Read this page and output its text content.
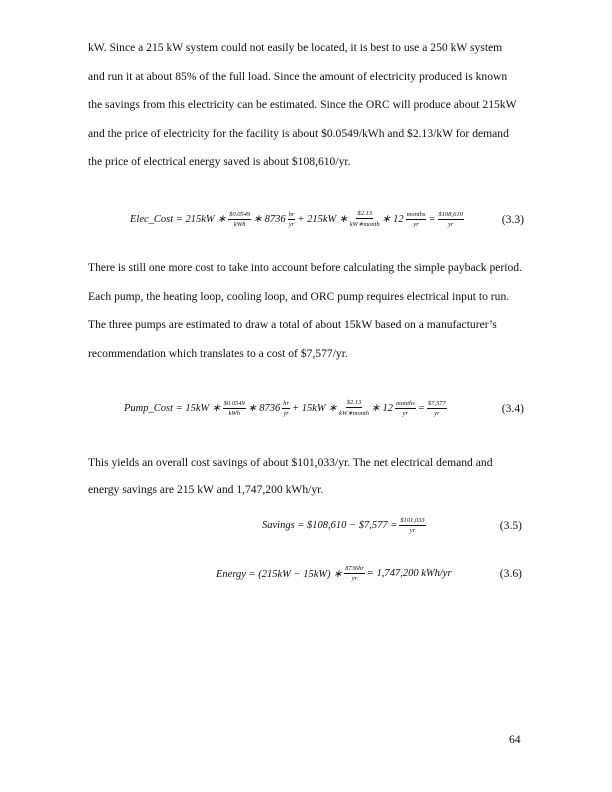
kW. Since a 215 kW system could not easily be located, it is best to use a 250 kW system
and run it at about 85% of the full load. Since the amount of electricity produced is known
the savings from this electricity can be estimated. Since the ORC will produce about 215kW
and the price of electricity for the facility is about $0.0549/kWh and $2.13/kW for demand
the price of electrical energy saved is about $108,610/yr.
Elec_Cost = 215kW ∗ $\frac{\$0.0549}{\text{kWh}}$ ∗ $8736 \frac{hr}{yr} + 215kW$ ∗ $\frac{\$2.13}{\text{kW∗month}}$ ∗ $12 \frac{\text{months}}{yr} = \frac{\$108,610}{yr}$	(3.3)
There is still one more cost to take into account before calculating the simple payback period.
Each pump, the heating loop, cooling loop, and ORC pump requires electrical input to run.
The three pumps are estimated to draw a total of about 15kW based on a manufacturer’s
recommendation which translates to a cost of $7,577/yr.
Pump_Cost = 15kW ∗ $\frac{\$0.0549}{\text{kWh}}$ ∗ $8736 \frac{hr}{yr} + 15kW$ ∗ $\frac{\$2.13}{\text{kW∗month}}$ ∗ $12 \frac{\text{months}}{yr} = \frac{\$7,577}{yr}$	(3.4)
This yields an overall cost savings of about $101,033/yr. The net electrical demand and
energy savings are 215 kW and 1,747,200 kWh/yr.
Savings = $108,610 − $7,577 = $\frac{\$101,033}{yr}$	(3.5)
Energy = (215kW − 15kW) ∗ $\frac{8736hr}{yr} = 1,747,200$ kWh/yr	(3.6)
64
